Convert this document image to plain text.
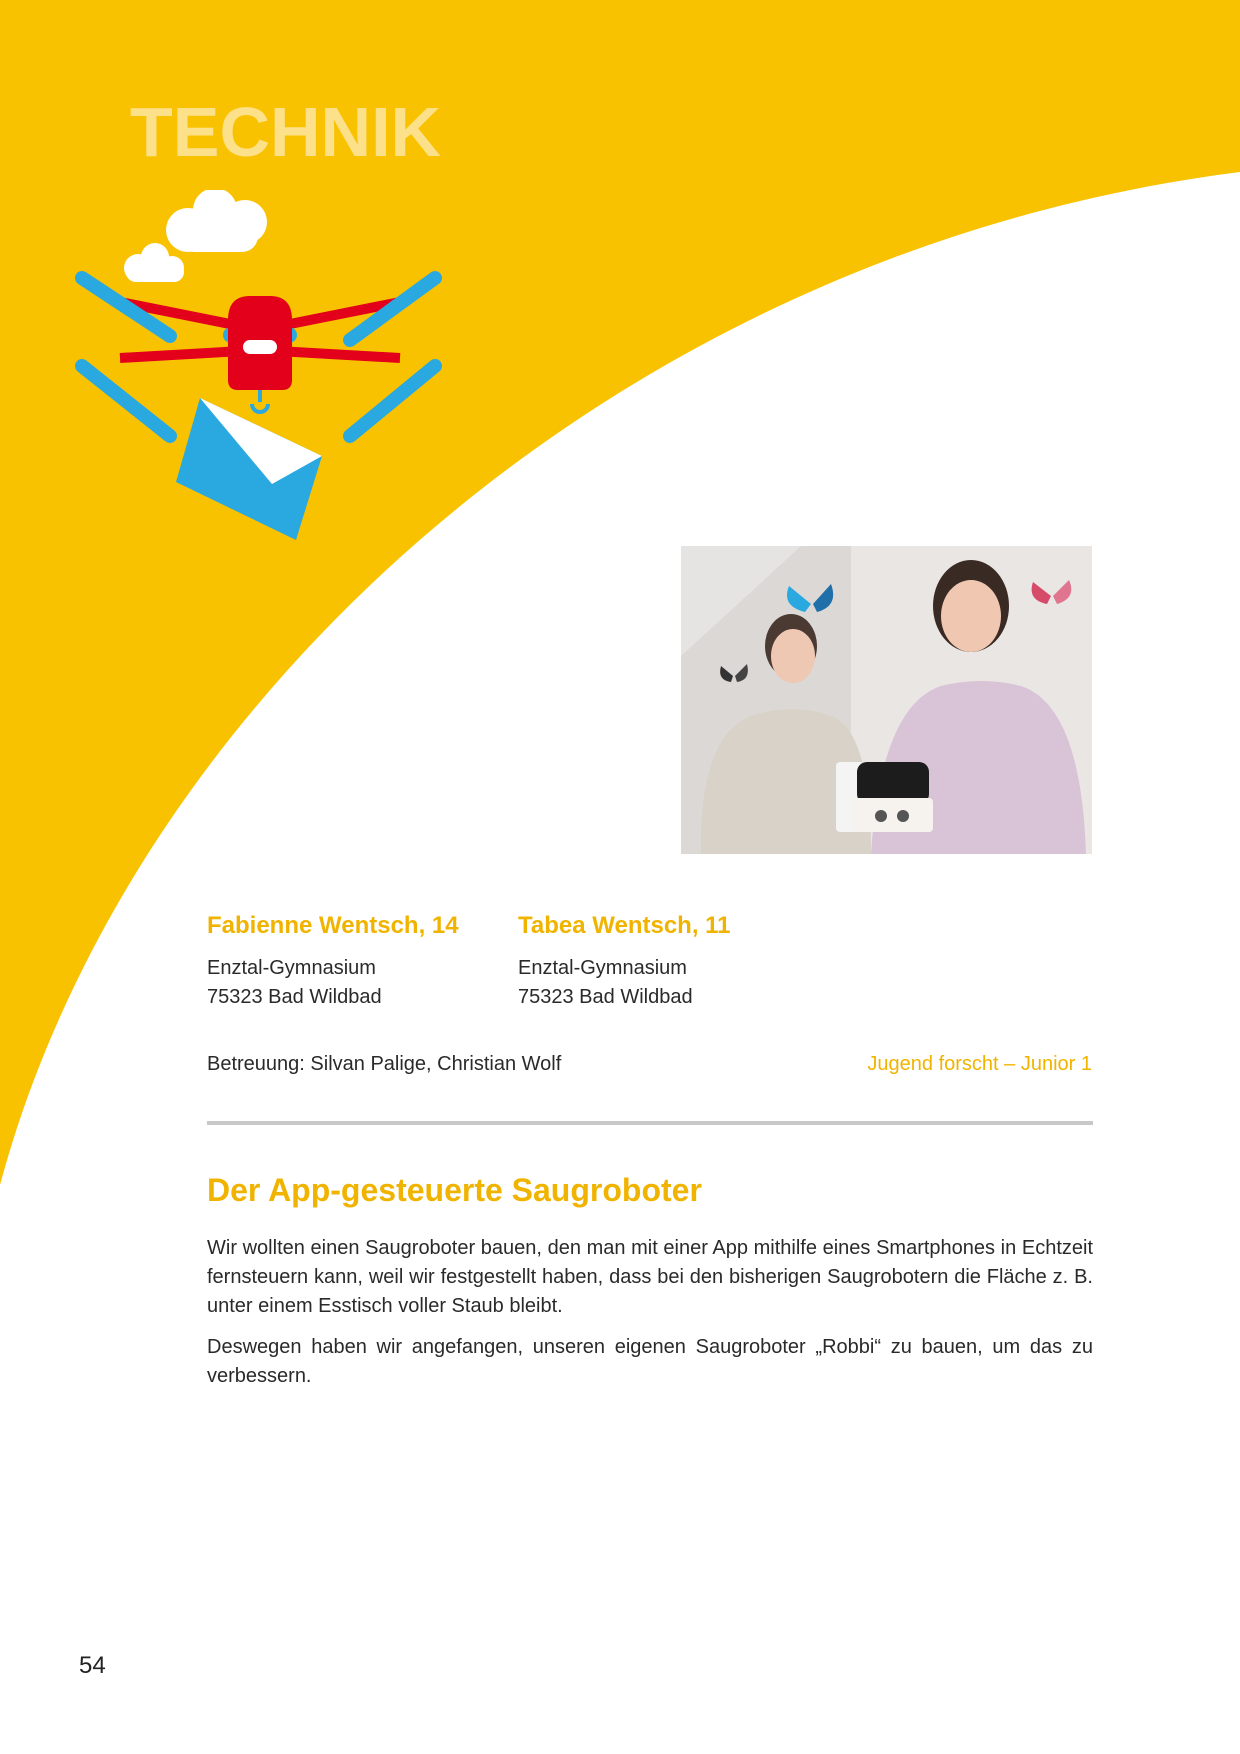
TECHNIK
Fabienne Wentsch, 14
Enztal-Gymnasium
75323 Bad Wildbad
Tabea Wentsch, 11
Enztal-Gymnasium
75323 Bad Wildbad
Betreuung: Silvan Palige, Christian Wolf	Jugend forscht – Junior 1
Der App-gesteuerte Saugroboter

Wir wollten einen Saugroboter bauen, den man mit einer App mithilfe eines Smartphones in Echtzeit fernsteuern kann, weil wir festgestellt haben, dass bei den bisherigen Saugrobotern die Fläche z. B. unter einem Esstisch voller Staub bleibt.

Deswegen haben wir angefangen, unseren eigenen Saugroboter „Robbi“ zu bauen, um das zu verbessern.

54
